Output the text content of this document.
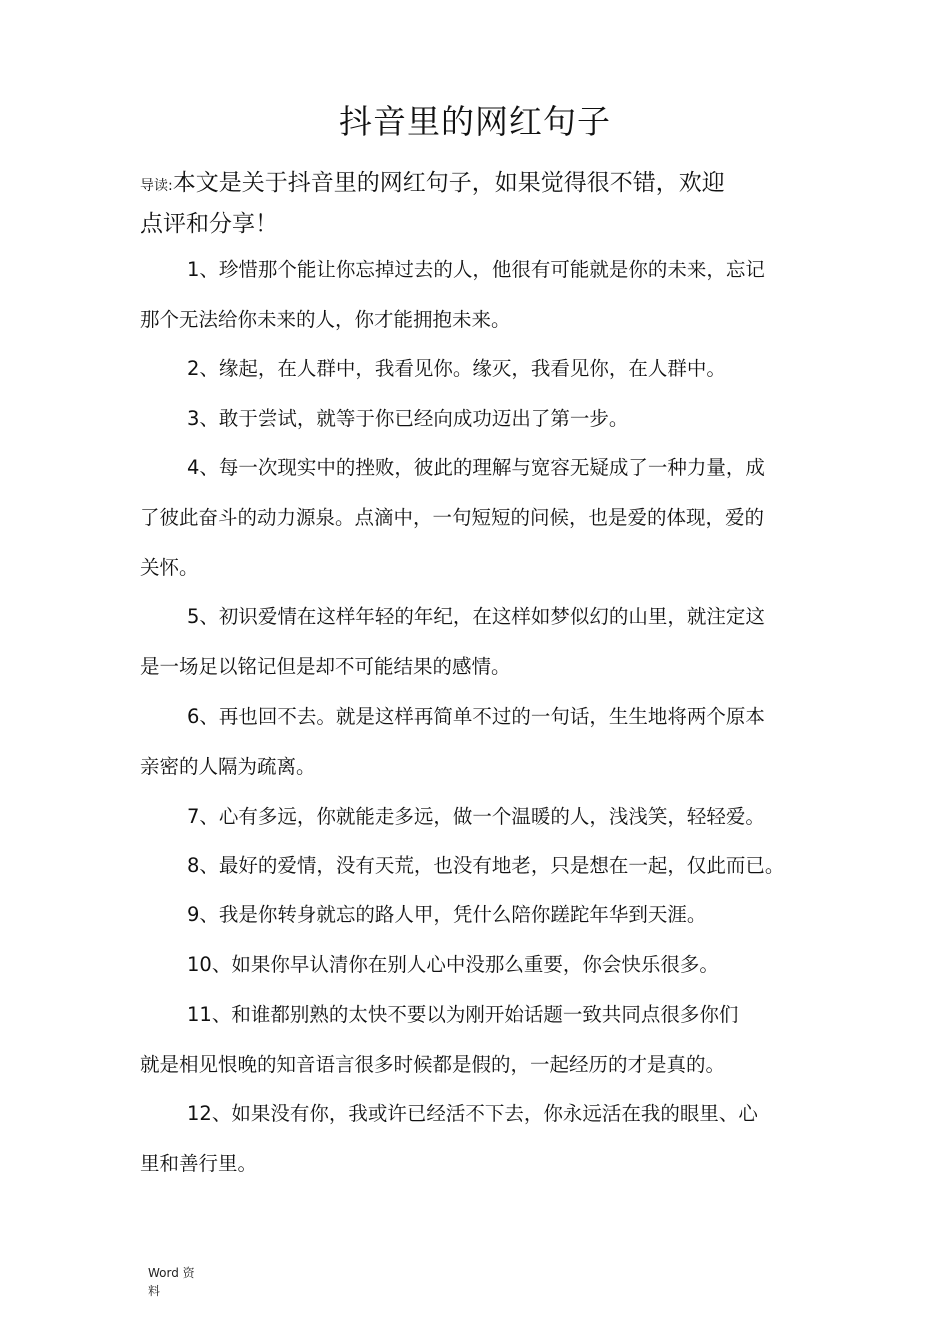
抖音里的网红句子
导读:本文是关于抖音里的网红句子，如果觉得很不错，欢迎
点评和分享！
1、珍惜那个能让你忘掉过去的人，他很有可能就是你的未来，忘记
那个无法给你未来的人，你才能拥抱未来。
2、缘起，在人群中，我看见你。缘灭，我看见你，在人群中。
3、敢于尝试，就等于你已经向成功迈出了第一步。
4、每一次现实中的挫败，彼此的理解与宽容无疑成了一种力量，成
了彼此奋斗的动力源泉。点滴中，一句短短的问候，也是爱的体现，爱的
关怀。
5、初识爱情在这样年轻的年纪，在这样如梦似幻的山里，就注定这
是一场足以铭记但是却不可能结果的感情。
6、再也回不去。就是这样再简单不过的一句话，生生地将两个原本
亲密的人隔为疏离。
7、心有多远，你就能走多远，做一个温暖的人，浅浅笑，轻轻爱。
8、最好的爱情，没有天荒，也没有地老，只是想在一起，仅此而已。
9、我是你转身就忘的路人甲，凭什么陪你蹉跎年华到天涯。
10、如果你早认清你在别人心中没那么重要，你会快乐很多。
11、和谁都别熟的太快不要以为刚开始话题一致共同点很多你们
就是相见恨晚的知音语言很多时候都是假的，一起经历的才是真的。
12、如果没有你，我或许已经活不下去，你永远活在我的眼里、心
里和善行里。
Word 资
料
